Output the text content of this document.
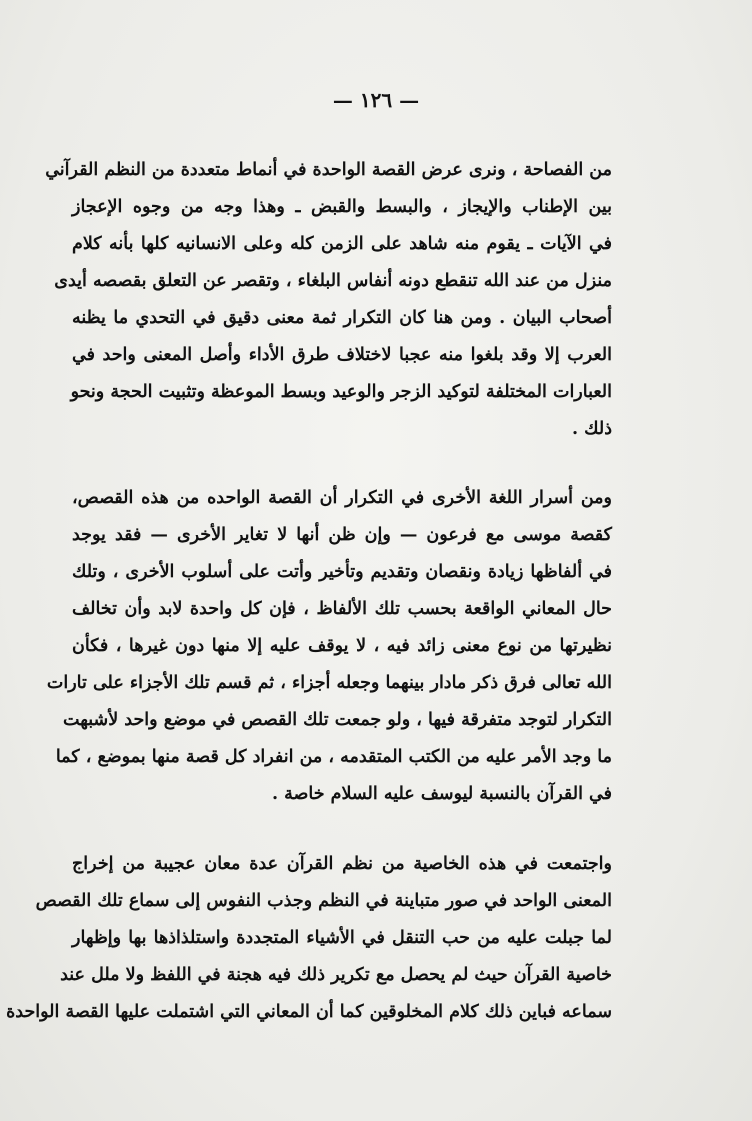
— ١٢٦ —
من الفصاحة ، ونرى عرض القصة الواحدة في أنماط متعددة من النظم القرآني
بين الإطناب والإيجاز ، والبسط والقبض ـ وهذا وجه من وجوه الإعجاز
في الآيات ـ يقوم منه شاهد على الزمن كله وعلى الانسانيه كلها بأنه كلام
منزل من عند الله تنقطع دونه أنفاس البلغاء ، وتقصر عن التعلق بقصصه أيدى
أصحاب البيان . ومن هنا كان التكرار ثمة معنى دقيق في التحدي ما يظنه
العرب إلا وقد بلغوا منه عجبا لاختلاف طرق الأداء وأصل المعنى واحد في
العبارات المختلفة لتوكيد الزجر والوعيد وبسط الموعظة وتثبيت الحجة ونحو
ذلك .
ومن أسرار اللغة الأخرى في التكرار أن القصة الواحده من هذه القصص،
كقصة موسى مع فرعون — وإن ظن أنها لا تغاير الأخرى — فقد يوجد
في ألفاظها زيادة ونقصان وتقديم وتأخير وأتت على أسلوب الأخرى ، وتلك
حال المعاني الواقعة بحسب تلك الألفاظ ، فإن كل واحدة لابد وأن تخالف
نظيرتها من نوع معنى زائد فيه ، لا يوقف عليه إلا منها دون غيرها ، فكأن
الله تعالى فرق ذكر مادار بينهما وجعله أجزاء ، ثم قسم تلك الأجزاء على تارات
التكرار لتوجد متفرقة فيها ، ولو جمعت تلك القصص في موضع واحد لأشبهت
ما وجد الأمر عليه من الكتب المتقدمه ، من انفراد كل قصة منها بموضع ، كما
في القرآن بالنسبة ليوسف عليه السلام خاصة .
واجتمعت في هذه الخاصية من نظم القرآن عدة معان عجيبة من إخراج
المعنى الواحد في صور متباينة في النظم وجذب النفوس إلى سماع تلك القصص
لما جبلت عليه من حب التنقل في الأشياء المتجددة واستلذاذها بها وإظهار
خاصية القرآن حيث لم يحصل مع تكرير ذلك فيه هجنة في اللفظ ولا ملل عند
سماعه فباين ذلك كلام المخلوقين كما أن المعاني التي اشتملت عليها القصة الواحدة
